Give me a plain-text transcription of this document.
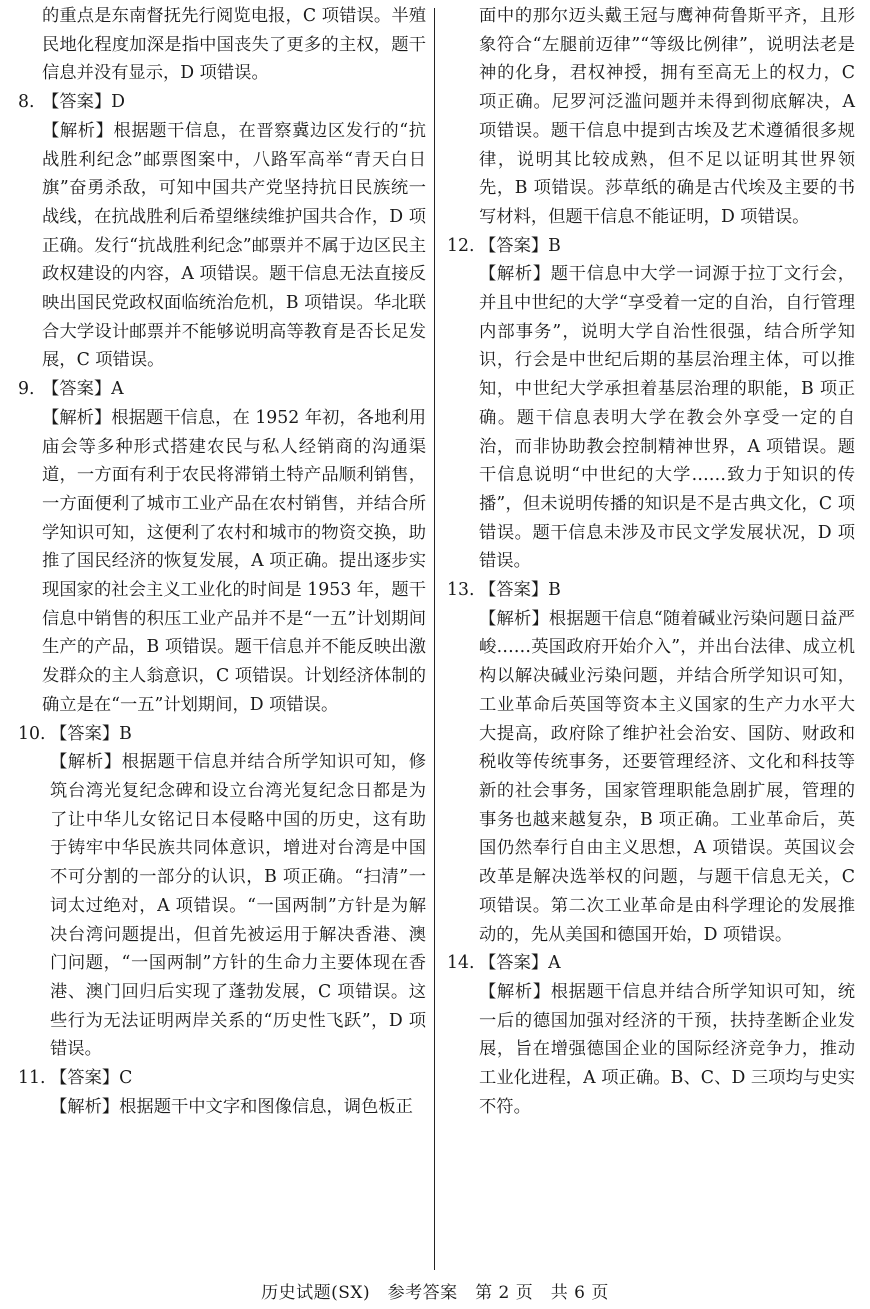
的重点是东南督抚先行阅览电报，C 项错误。半殖民地化程度加深是指中国丧失了更多的主权，题干信息并没有显示，D 项错误。

8. 【答案】D

【解析】根据题干信息，在晋察冀边区发行的“抗战胜利纪念”邮票图案中，八路军高举“青天白日旗”奋勇杀敌，可知中国共产党坚持抗日民族统一战线，在抗战胜利后希望继续维护国共合作，D 项正确。发行“抗战胜利纪念”邮票并不属于边区民主政权建设的内容，A 项错误。题干信息无法直接反映出国民党政权面临统治危机，B 项错误。华北联合大学设计邮票并不能够说明高等教育是否长足发展，C 项错误。

9. 【答案】A

【解析】根据题干信息，在 1952 年初，各地利用庙会等多种形式搭建农民与私人经销商的沟通渠道，一方面有利于农民将滞销土特产品顺利销售，一方面便利了城市工业产品在农村销售，并结合所学知识可知，这便利了农村和城市的物资交换，助推了国民经济的恢复发展，A 项正确。提出逐步实现国家的社会主义工业化的时间是 1953 年，题干信息中销售的积压工业产品并不是“一五”计划期间生产的产品，B 项错误。题干信息并不能反映出激发群众的主人翁意识，C 项错误。计划经济体制的确立是在“一五”计划期间，D 项错误。

10. 【答案】B

【解析】根据题干信息并结合所学知识可知，修筑台湾光复纪念碑和设立台湾光复纪念日都是为了让中华儿女铭记日本侵略中国的历史，这有助于铸牢中华民族共同体意识，增进对台湾是中国不可分割的一部分的认识，B 项正确。“扫清”一词太过绝对，A 项错误。“一国两制”方针是为解决台湾问题提出，但首先被运用于解决香港、澳门问题，“一国两制”方针的生命力主要体现在香港、澳门回归后实现了蓬勃发展，C 项错误。这些行为无法证明两岸关系的“历史性飞跃”，D 项错误。

11. 【答案】C

【解析】根据题干中文字和图像信息，调色板正

面中的那尔迈头戴王冠与鹰神荷鲁斯平齐，且形象符合“左腿前迈律”“等级比例律”，说明法老是神的化身，君权神授，拥有至高无上的权力，C 项正确。尼罗河泛滥问题并未得到彻底解决，A 项错误。题干信息中提到古埃及艺术遵循很多规律，说明其比较成熟，但不足以证明其世界领先，B 项错误。莎草纸的确是古代埃及主要的书写材料，但题干信息不能证明，D 项错误。

12. 【答案】B

【解析】题干信息中大学一词源于拉丁文行会，并且中世纪的大学“享受着一定的自治，自行管理内部事务”，说明大学自治性很强，结合所学知识，行会是中世纪后期的基层治理主体，可以推知，中世纪大学承担着基层治理的职能，B 项正确。题干信息表明大学在教会外享受一定的自治，而非协助教会控制精神世界，A 项错误。题干信息说明“中世纪的大学……致力于知识的传播”，但未说明传播的知识是不是古典文化，C 项错误。题干信息未涉及市民文学发展状况，D 项错误。

13. 【答案】B

【解析】根据题干信息“随着碱业污染问题日益严峻……英国政府开始介入”，并出台法律、成立机构以解决碱业污染问题，并结合所学知识可知，工业革命后英国等资本主义国家的生产力水平大大提高，政府除了维护社会治安、国防、财政和税收等传统事务，还要管理经济、文化和科技等新的社会事务，国家管理职能急剧扩展，管理的事务也越来越复杂，B 项正确。工业革命后，英国仍然奉行自由主义思想，A 项错误。英国议会改革是解决选举权的问题，与题干信息无关，C 项错误。第二次工业革命是由科学理论的发展推动的，先从美国和德国开始，D 项错误。

14. 【答案】A

【解析】根据题干信息并结合所学知识可知，统一后的德国加强对经济的干预，扶持垄断企业发展，旨在增强德国企业的国际经济竞争力，推动工业化进程，A 项正确。B、C、D 三项均与史实不符。

历史试题(SX)　参考答案　第 2 页　共 6 页
